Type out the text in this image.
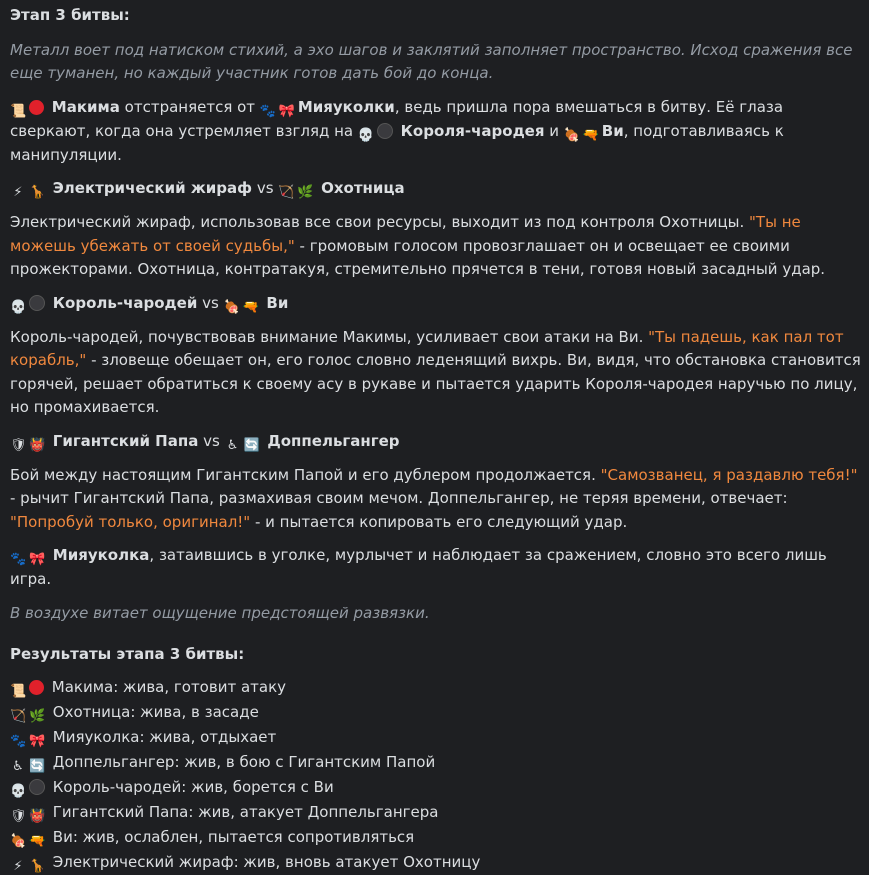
Этап 3 битвы:
Металл воет под натиском стихий, а эхо шагов и заклятий заполняет пространство. Исход сражения все еще туманен, но каждый участник готов дать бой до конца.
📜 Макима отстраняется от 🐾 🎀 Мияуколки, ведь пришла пора вмешаться в битву. Её глаза сверкают, когда она устремляет взгляд на 💀 Короля-чародея и 🍖 🔫 Ви, подготавливаясь к манипуляции.
⚡ 🦒 Электрический жираф vs 🏹 🌿 Охотница
Электрический жираф, использовав все свои ресурсы, выходит из под контроля Охотницы. "Ты не можешь убежать от своей судьбы," - громовым голосом провозглашает он и освещает ее своими прожекторами. Охотница, контратакуя, стремительно прячется в тени, готовя новый засадный удар.
💀 Король-чародей vs 🍖 🔫 Ви
Король-чародей, почувствовав внимание Макимы, усиливает свои атаки на Ви. "Ты падешь, как пал тот корабль," - зловеще обещает он, его голос словно леденящий вихрь. Ви, видя, что обстановка становится горячей, решает обратиться к своему асу в рукаве и пытается ударить Короля-чародея наручью по лицу, но промахивается.
🛡 👹 Гигантский Папа vs ♿ 🔄 Доппельгангер
Бой между настоящим Гигантским Папой и его дублером продолжается. "Самозванец, я раздавлю тебя!" - рычит Гигантский Папа, размахивая своим мечом. Доппельгангер, не теряя времени, отвечает: "Попробуй только, оригинал!" - и пытается копировать его следующий удар.
🐾 🎀 Мияуколка, затаившись в уголке, мурлычет и наблюдает за сражением, словно это всего лишь игра.
В воздухе витает ощущение предстоящей развязки.
Результаты этапа 3 битвы:
📜 Макима: жива, готовит атаку
🏹 🌿 Охотница: жива, в засаде
🐾 🎀 Мияуколка: жива, отдыхает
♿ 🔄 Доппельгангер: жив, в бою с Гигантским Папой
💀 Король-чародей: жив, борется с Ви
🛡 👹 Гигантский Папа: жив, атакует Доппельгангера
🍖 🔫 Ви: жив, ослаблен, пытается сопротивляться
⚡ 🦒 Электрический жираф: жив, вновь атакует Охотницу
